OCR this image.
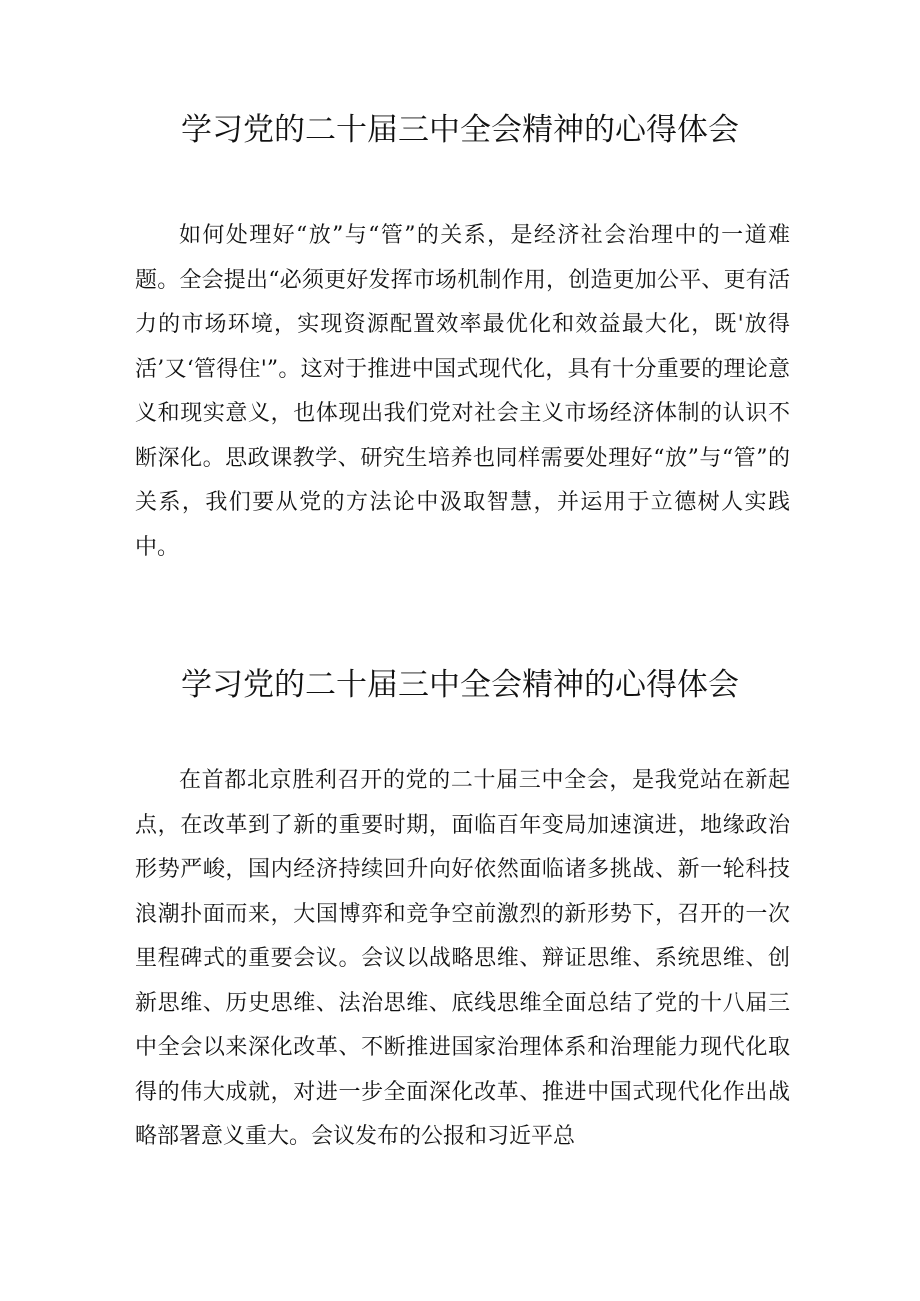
学习党的二十届三中全会精神的心得体会

如何处理好“放”与“管”的关系，是经济社会治理中的一道难题。全会提出“必须更好发挥市场机制作用，创造更加公平、更有活力的市场环境，实现资源配置效率最优化和效益最大化，既'放得活’又‘管得住'”。这对于推进中国式现代化，具有十分重要的理论意义和现实意义，也体现出我们党对社会主义市场经济体制的认识不断深化。思政课教学、研究生培养也同样需要处理好“放”与“管”的关系，我们要从党的方法论中汲取智慧，并运用于立德树人实践中。

学习党的二十届三中全会精神的心得体会

在首都北京胜利召开的党的二十届三中全会，是我党站在新起点，在改革到了新的重要时期，面临百年变局加速演进，地缘政治形势严峻，国内经济持续回升向好依然面临诸多挑战、新一轮科技浪潮扑面而来，大国博弈和竞争空前激烈的新形势下，召开的一次里程碑式的重要会议。会议以战略思维、辩证思维、系统思维、创新思维、历史思维、法治思维、底线思维全面总结了党的十八届三中全会以来深化改革、不断推进国家治理体系和治理能力现代化取得的伟大成就，对进一步全面深化改革、推进中国式现代化作出战略部署意义重大。会议发布的公报和习近平总
